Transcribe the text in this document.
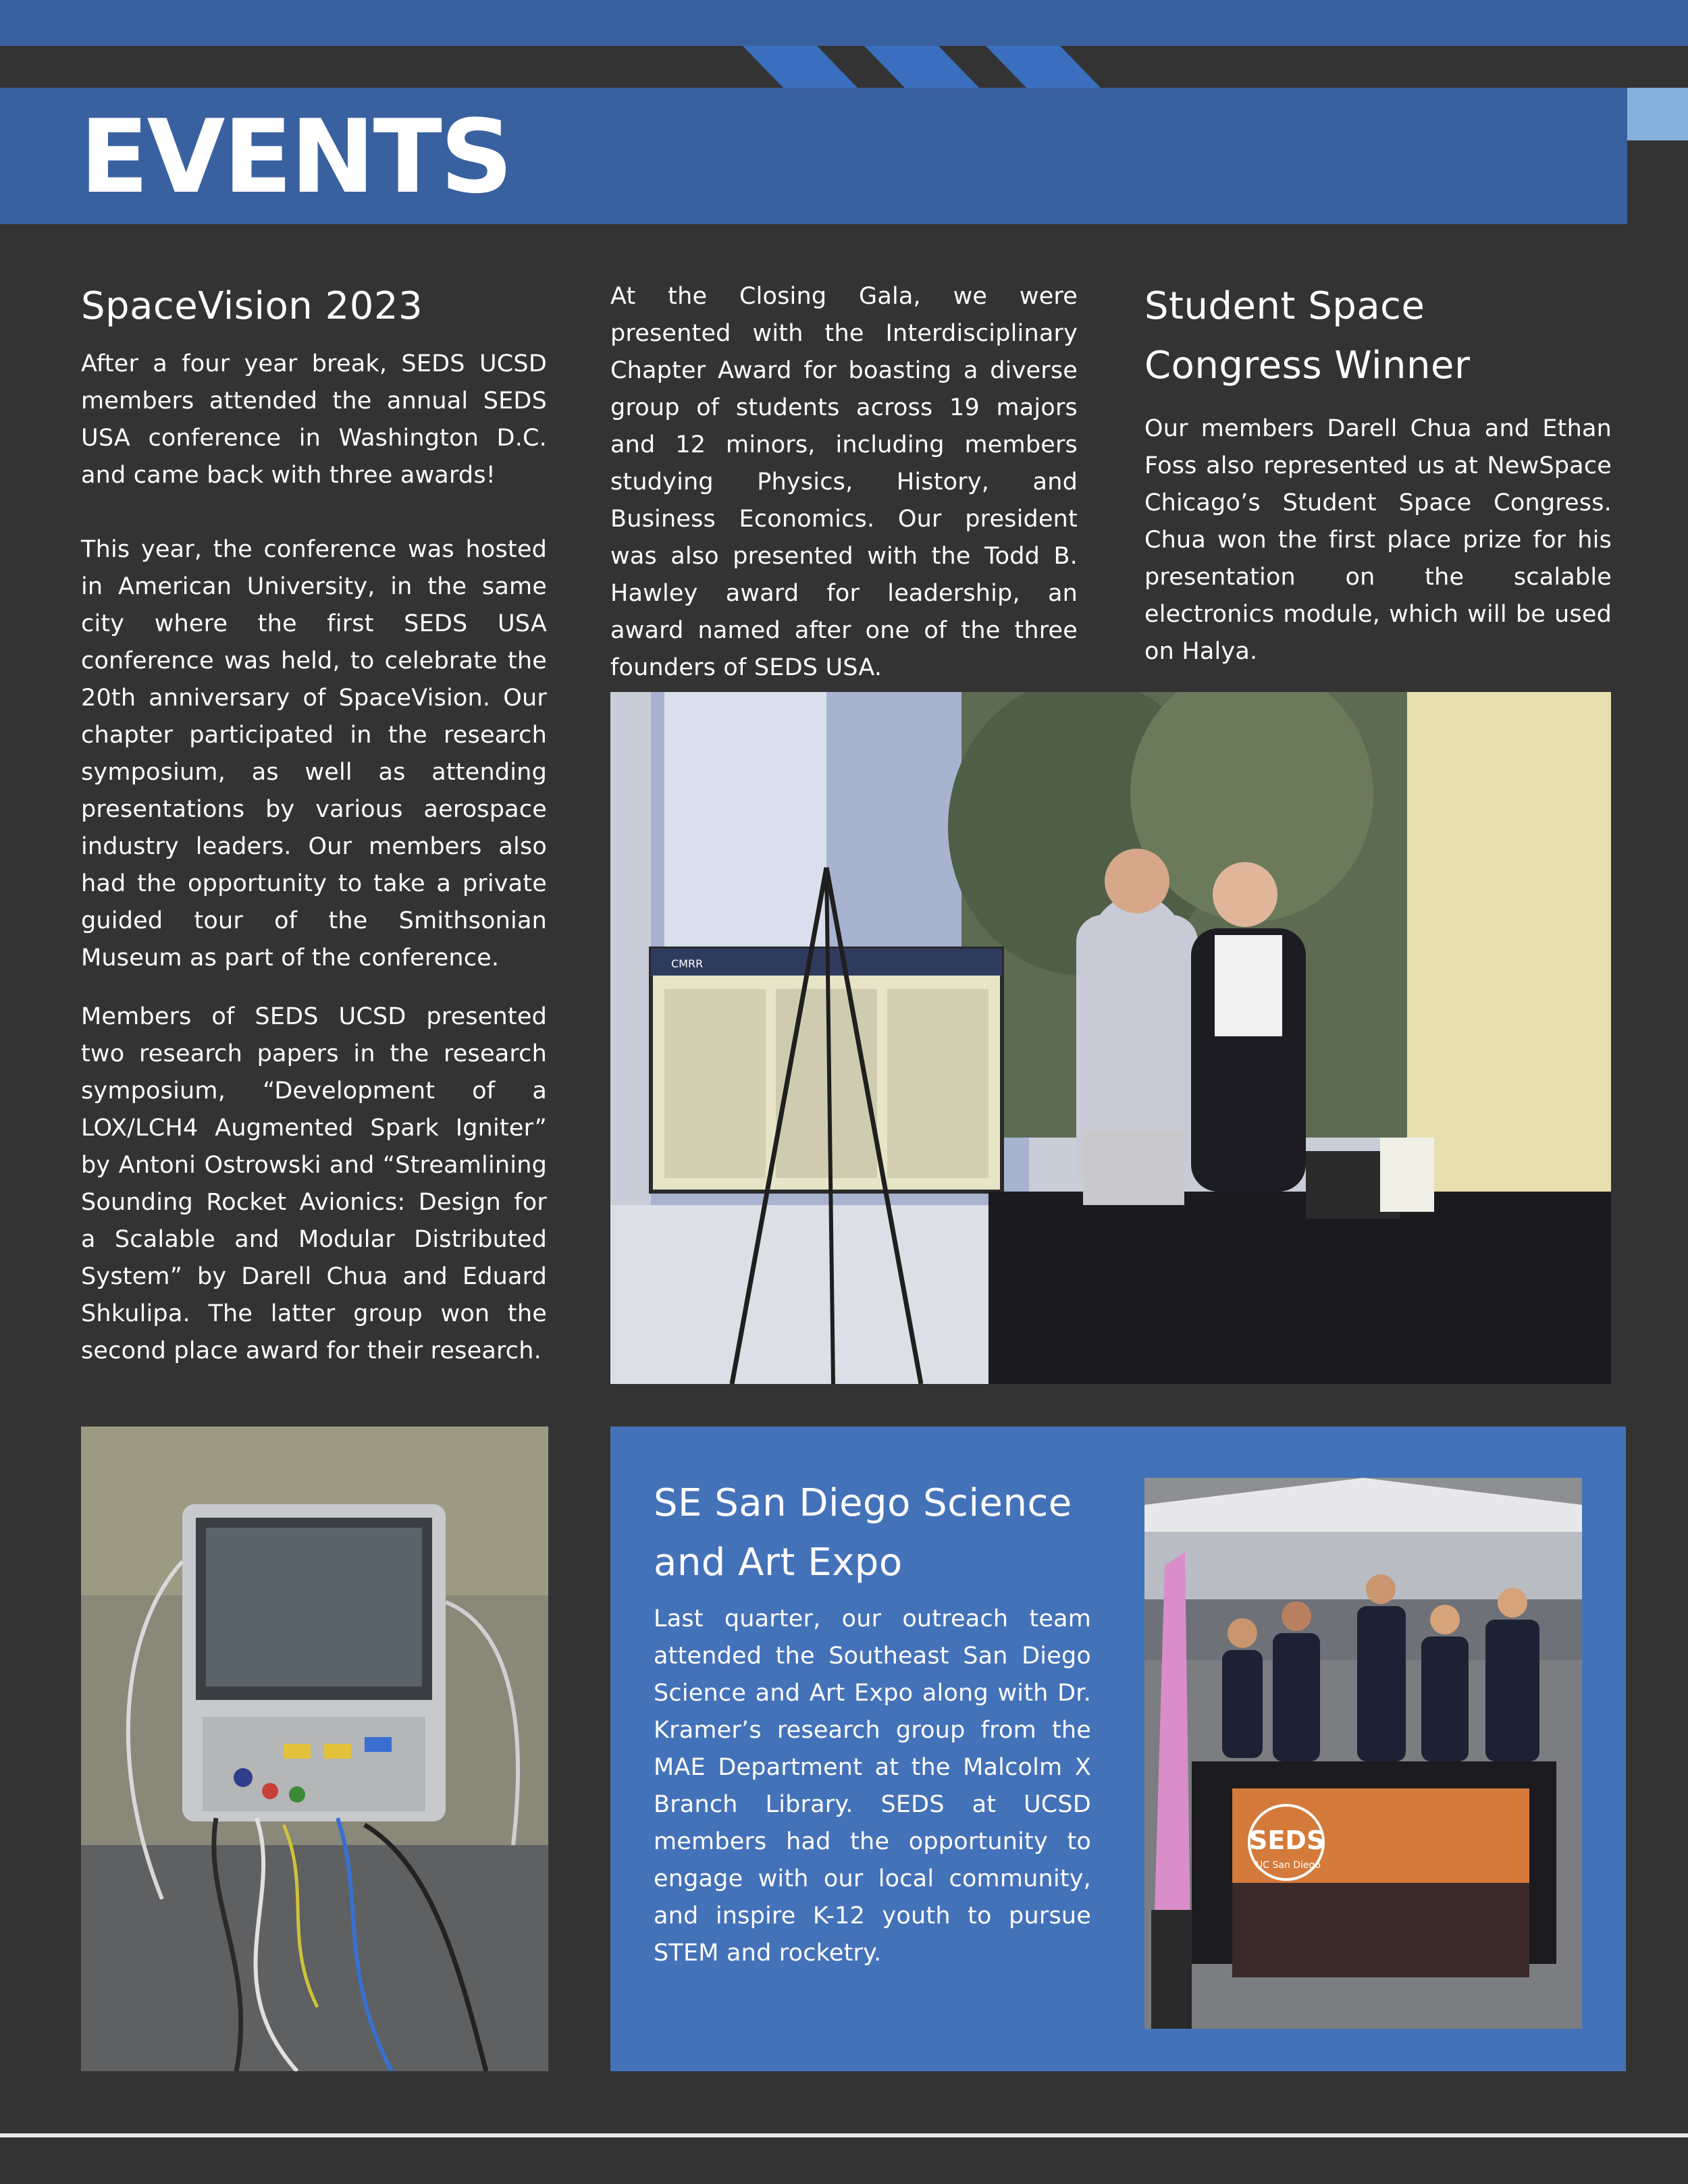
EVENTS
SpaceVision 2023

After a four year break, SEDS UCSD members attended the annual SEDS USA conference in Washington D.C. and came back with three awards!

This year, the conference was hosted in American University, in the same city where the first SEDS USA conference was held, to celebrate the 20th anniversary of SpaceVision. Our chapter participated in the research symposium, as well as attending presentations by various aerospace industry leaders. Our members also had the opportunity to take a private guided tour of the Smithsonian Museum as part of the conference.

Members of SEDS UCSD presented two research papers in the research symposium, “Development of a LOX/LCH4 Augmented Spark Igniter” by Antoni Ostrowski and “Streamlining Sounding Rocket Avionics: Design for a Scalable and Modular Distributed System” by Darell Chua and Eduard Shkulipa. The latter group won the second place award for their research.

At the Closing Gala, we were presented with the Interdisciplinary Chapter Award for boasting a diverse group of students across 19 majors and 12 minors, including members studying Physics, History, and Business Economics. Our president was also presented with the Todd B. Hawley award for leadership, an award named after one of the three founders of SEDS USA.

Student Space Congress Winner

Our members Darell Chua and Ethan Foss also represented us at NewSpace Chicago’s Student Space Congress. Chua won the first place prize for his presentation on the scalable electronics module, which will be used on Halya.

CMRR
SE San Diego Science and Art Expo

Last quarter, our outreach team attended the Southeast San Diego Science and Art Expo along with Dr. Kramer’s research group from the MAE Department at the Malcolm X Branch Library. SEDS at UCSD members had the opportunity to engage with our local community, and inspire K-12 youth to pursue STEM and rocketry.

SEDS
UC San Diego
